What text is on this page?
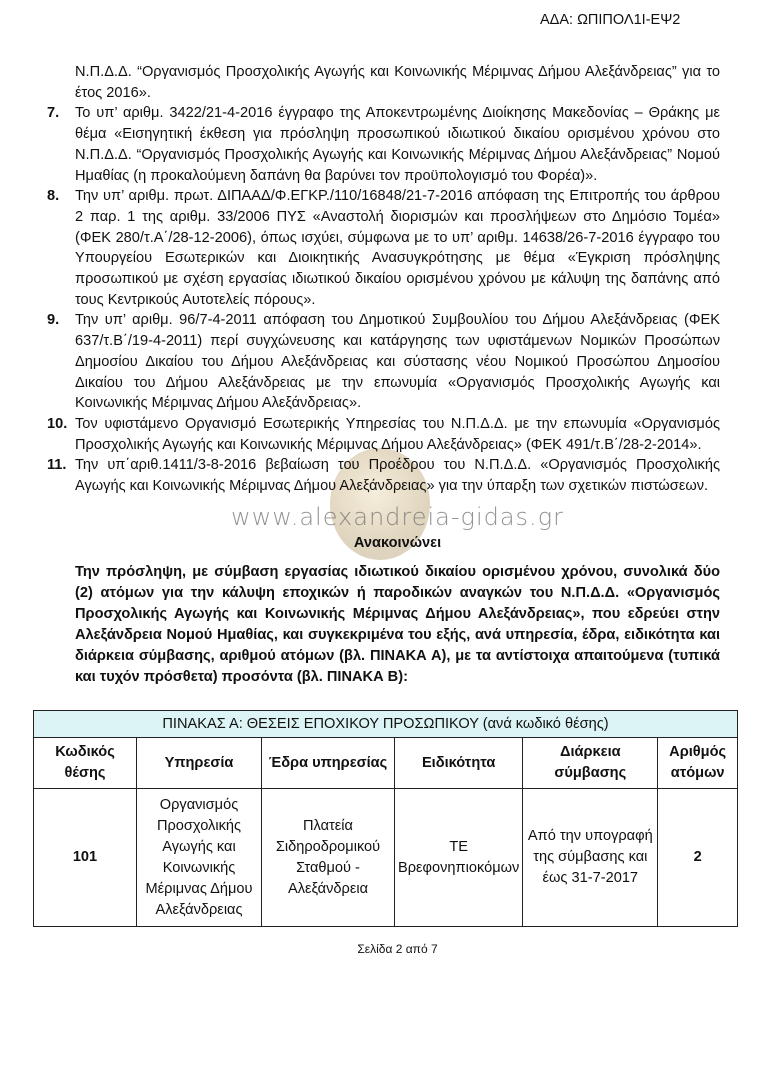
ΑΔΑ: ΩΠΙΠΟΛ1Ι-ΕΨ2

Ν.Π.Δ.Δ. “Οργανισμός Προσχολικής Αγωγής και Κοινωνικής Μέριμνας Δήμου Αλεξάνδρειας” για το έτος 2016».

7. Το υπ’ αριθμ. 3422/21-4-2016 έγγραφο της Αποκεντρωμένης Διοίκησης Μακεδονίας – Θράκης με θέμα «Εισηγητική έκθεση για πρόσληψη προσωπικού ιδιωτικού δικαίου ορισμένου χρόνου στο Ν.Π.Δ.Δ. “Οργανισμός Προσχολικής Αγωγής και Κοινωνικής Μέριμνας Δήμου Αλεξάνδρειας” Νομού Ημαθίας (η προκαλούμενη δαπάνη θα βαρύνει τον προϋπολογισμό του Φορέα)».

8. Την υπ’ αριθμ. πρωτ. ΔΙΠΑΑΔ/Φ.ΕΓΚΡ./110/16848/21-7-2016 απόφαση της Επιτροπής του άρθρου 2 παρ. 1 της αριθμ. 33/2006 ΠΥΣ «Αναστολή διορισμών και προσλήψεων στο Δημόσιο Τομέα» (ΦΕΚ 280/τ.Α΄/28-12-2006), όπως ισχύει, σύμφωνα με το υπ’ αριθμ. 14638/26-7-2016 έγγραφο του Υπουργείου Εσωτερικών και Διοικητικής Ανασυγκρότησης με θέμα «Έγκριση πρόσληψης προσωπικού με σχέση εργασίας ιδιωτικού δικαίου ορισμένου χρόνου με κάλυψη της δαπάνης από τους Κεντρικούς Αυτοτελείς πόρους».

9. Την υπ’ αριθμ. 96/7-4-2011 απόφαση του Δημοτικού Συμβουλίου του Δήμου Αλεξάνδρειας (ΦΕΚ 637/τ.Β΄/19-4-2011) περί συγχώνευσης και κατάργησης των υφιστάμενων Νομικών Προσώπων Δημοσίου Δικαίου του Δήμου Αλεξάνδρειας και σύστασης νέου Νομικού Προσώπου Δημοσίου Δικαίου του Δήμου Αλεξάνδρειας με την επωνυμία «Οργανισμός Προσχολικής Αγωγής και Κοινωνικής Μέριμνας Δήμου Αλεξάνδρειας».

10. Τον υφιστάμενο Οργανισμό Εσωτερικής Υπηρεσίας του Ν.Π.Δ.Δ. με την επωνυμία «Οργανισμός Προσχολικής Αγωγής και Κοινωνικής Μέριμνας Δήμου Αλεξάνδρειας» (ΦΕΚ 491/τ.Β΄/28-2-2014».

11. Την υπ΄αριθ.1411/3-8-2016 βεβαίωση του Προέδρου του Ν.Π.Δ.Δ. «Οργανισμός Προσχολικής Αγωγής και Κοινωνικής Μέριμνας Δήμου Αλεξάνδρειας» για την ύπαρξη των σχετικών πιστώσεων.

www.alexandreia-gidas.gr

Ανακοινώνει

Την πρόσληψη, με σύμβαση εργασίας ιδιωτικού δικαίου ορισμένου χρόνου, συνολικά δύο (2) ατόμων για την κάλυψη εποχικών ή παροδικών αναγκών του Ν.Π.Δ.Δ. «Οργανισμός Προσχολικής Αγωγής και Κοινωνικής Μέριμνας Δήμου Αλεξάνδρειας», που εδρεύει στην Αλεξάνδρεια Νομού Ημαθίας, και συγκεκριμένα του εξής, ανά υπηρεσία, έδρα, ειδικότητα και διάρκεια σύμβασης, αριθμού ατόμων (βλ. ΠΙΝΑΚΑ Α), με τα αντίστοιχα απαιτούμενα (τυπικά και τυχόν πρόσθετα) προσόντα (βλ. ΠΙΝΑΚΑ Β):

ΠΙΝΑΚΑΣ Α: ΘΕΣΕΙΣ ΕΠΟΧΙΚΟΥ ΠΡΟΣΩΠΙΚΟΥ (ανά κωδικό θέσης)					
Κωδικός θέσης	Υπηρεσία	Έδρα υπηρεσίας	Ειδικότητα	Διάρκεια σύμβασης	Αριθμός ατόμων
101	Οργανισμός Προσχολικής Αγωγής και Κοινωνικής Μέριμνας Δήμου Αλεξάνδρειας	Πλατεία Σιδηροδρομικού Σταθμού - Αλεξάνδρεια	ΤΕ Βρεφονηπιοκόμων	Από την υπογραφή της σύμβασης και έως 31-7-2017	2
Σελίδα 2 από 7
